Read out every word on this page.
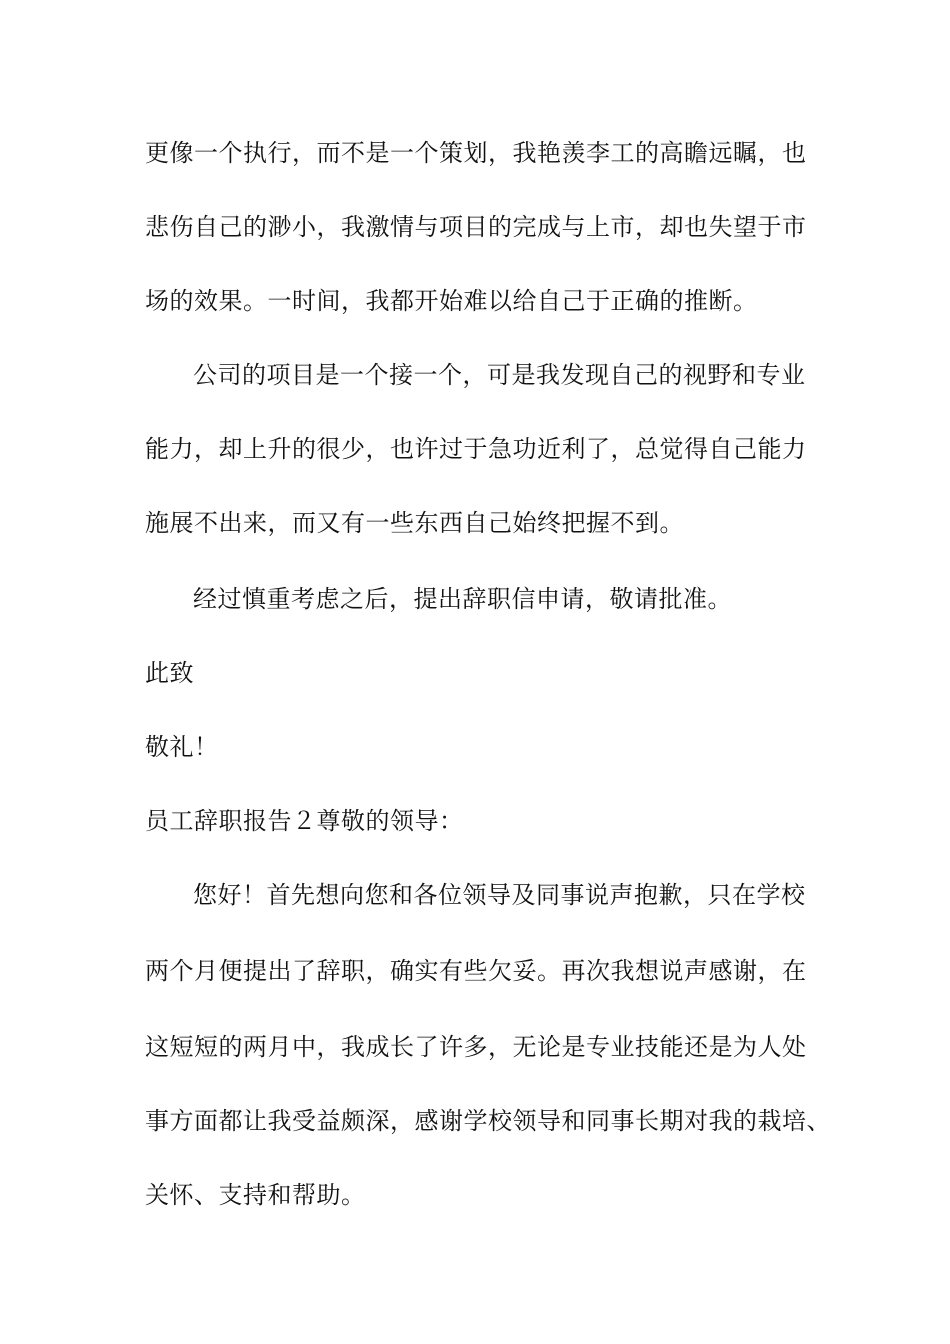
更像一个执行，而不是一个策划，我艳羡李工的高瞻远瞩，也
悲伤自己的渺小，我激情与项目的完成与上市，却也失望于市
场的效果。一时间，我都开始难以给自己于正确的推断。
公司的项目是一个接一个，可是我发现自己的视野和专业
能力，却上升的很少，也许过于急功近利了，总觉得自己能力
施展不出来，而又有一些东西自己始终把握不到。
经过慎重考虑之后，提出辞职信申请，敬请批准。
此致
敬礼！
员工辞职报告２尊敬的领导：
您好！首先想向您和各位领导及同事说声抱歉，只在学校
两个月便提出了辞职，确实有些欠妥。再次我想说声感谢，在
这短短的两月中，我成长了许多，无论是专业技能还是为人处
事方面都让我受益颇深，感谢学校领导和同事长期对我的栽培、
关怀、支持和帮助。
